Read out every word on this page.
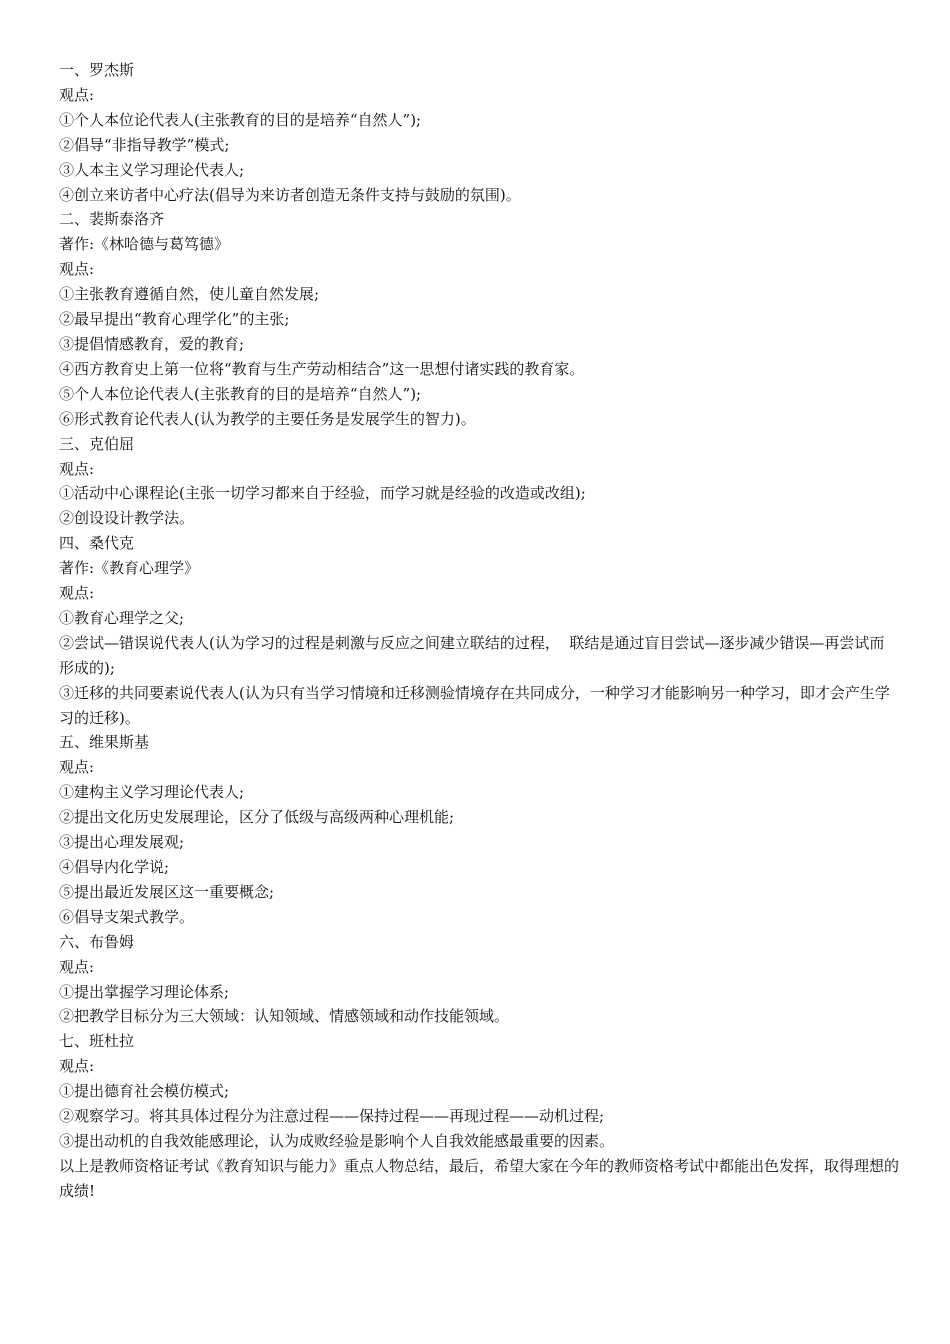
一、罗杰斯
观点:
①个人本位论代表人(主张教育的目的是培养“自然人”);
②倡导“非指导教学”模式;
③人本主义学习理论代表人;
④创立来访者中心疗法(倡导为来访者创造无条件支持与鼓励的氛围)。
二、裴斯泰洛齐
著作:《林哈德与葛笃德》
观点:
①主张教育遵循自然，使儿童自然发展;
②最早提出“教育心理学化”的主张;
③提倡情感教育，爱的教育;
④西方教育史上第一位将“教育与生产劳动相结合”这一思想付诸实践的教育家。
⑤个人本位论代表人(主张教育的目的是培养“自然人”);
⑥形式教育论代表人(认为教学的主要任务是发展学生的智力)。
三、克伯屈
观点:
①活动中心课程论(主张一切学习都来自于经验，而学习就是经验的改造或改组);
②创设设计教学法。
四、桑代克
著作:《教育心理学》
观点:
①教育心理学之父;
②尝试—错误说代表人(认为学习的过程是刺激与反应之间建立联结的过程，  联结是通过盲目尝试—逐步减少错误—再尝试而形成的);
③迁移的共同要素说代表人(认为只有当学习情境和迁移测验情境存在共同成分，一种学习才能影响另一种学习，即才会产生学习的迁移)。
五、维果斯基
观点:
①建构主义学习理论代表人;
②提出文化历史发展理论，区分了低级与高级两种心理机能;
③提出心理发展观;
④倡导内化学说;
⑤提出最近发展区这一重要概念;
⑥倡导支架式教学。
六、布鲁姆
观点:
①提出掌握学习理论体系;
②把教学目标分为三大领域：认知领域、情感领域和动作技能领域。
七、班杜拉
观点:
①提出德育社会模仿模式;
②观察学习。将其具体过程分为注意过程——保持过程——再现过程——动机过程;
③提出动机的自我效能感理论，认为成败经验是影响个人自我效能感最重要的因素。
以上是教师资格证考试《教育知识与能力》重点人物总结，最后，希望大家在今年的教师资格考试中都能出色发挥，取得理想的成绩!
